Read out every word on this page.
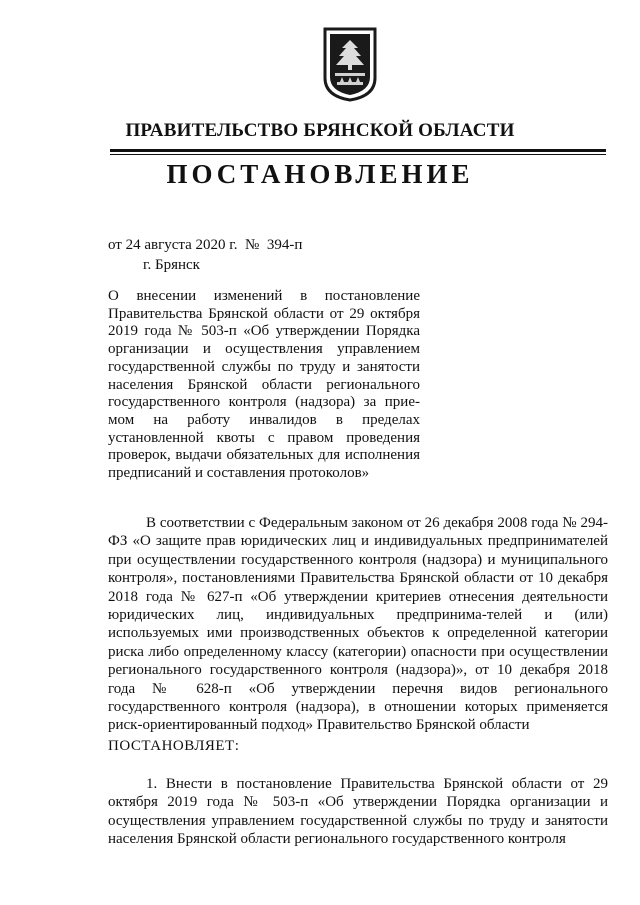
ПРАВИТЕЛЬСТВО БРЯНСКОЙ ОБЛАСТИ
ПОСТАНОВЛЕНИЕ
от 24 августа 2020 г.  №  394-п
г. Брянск
О внесении изменений в постановление Правительства Брянской области от 29 октября 2019 года № 503-п «Об утверждении Порядка организации и осуществления управлением государственной службы по труду и занятости населения Брянской области регионального государственного контроля (надзора) за прие-мом на работу инвалидов в пределах установленной квоты с правом проведения проверок, выдачи обязательных для исполнения предписаний и составления протоколов»
В соответствии с Федеральным законом от 26 декабря 2008 года № 294-ФЗ «О защите прав юридических лиц и индивидуальных предпринимателей при осуществлении государственного контроля (надзора) и муниципального контроля», постановлениями Правительства Брянской области от 10 декабря 2018 года № 627-п «Об утверждении критериев отнесения деятельности юридических лиц, индивидуальных предпринима-телей и (или) используемых ими производственных объектов к определенной категории риска либо определенному классу (категории) опасности при осуществлении регионального государственного контроля (надзора)», от 10 декабря 2018 года № 628-п «Об утверждении перечня видов регионального государственного контроля (надзора), в отношении которых применяется риск-ориентированный подход» Правительство Брянской области
ПОСТАНОВЛЯЕТ:
1. Внести в постановление Правительства Брянской области от 29 октября 2019 года № 503-п «Об утверждении Порядка организации и осуществления управлением государственной службы по труду и занятости населения Брянской области регионального государственного контроля
